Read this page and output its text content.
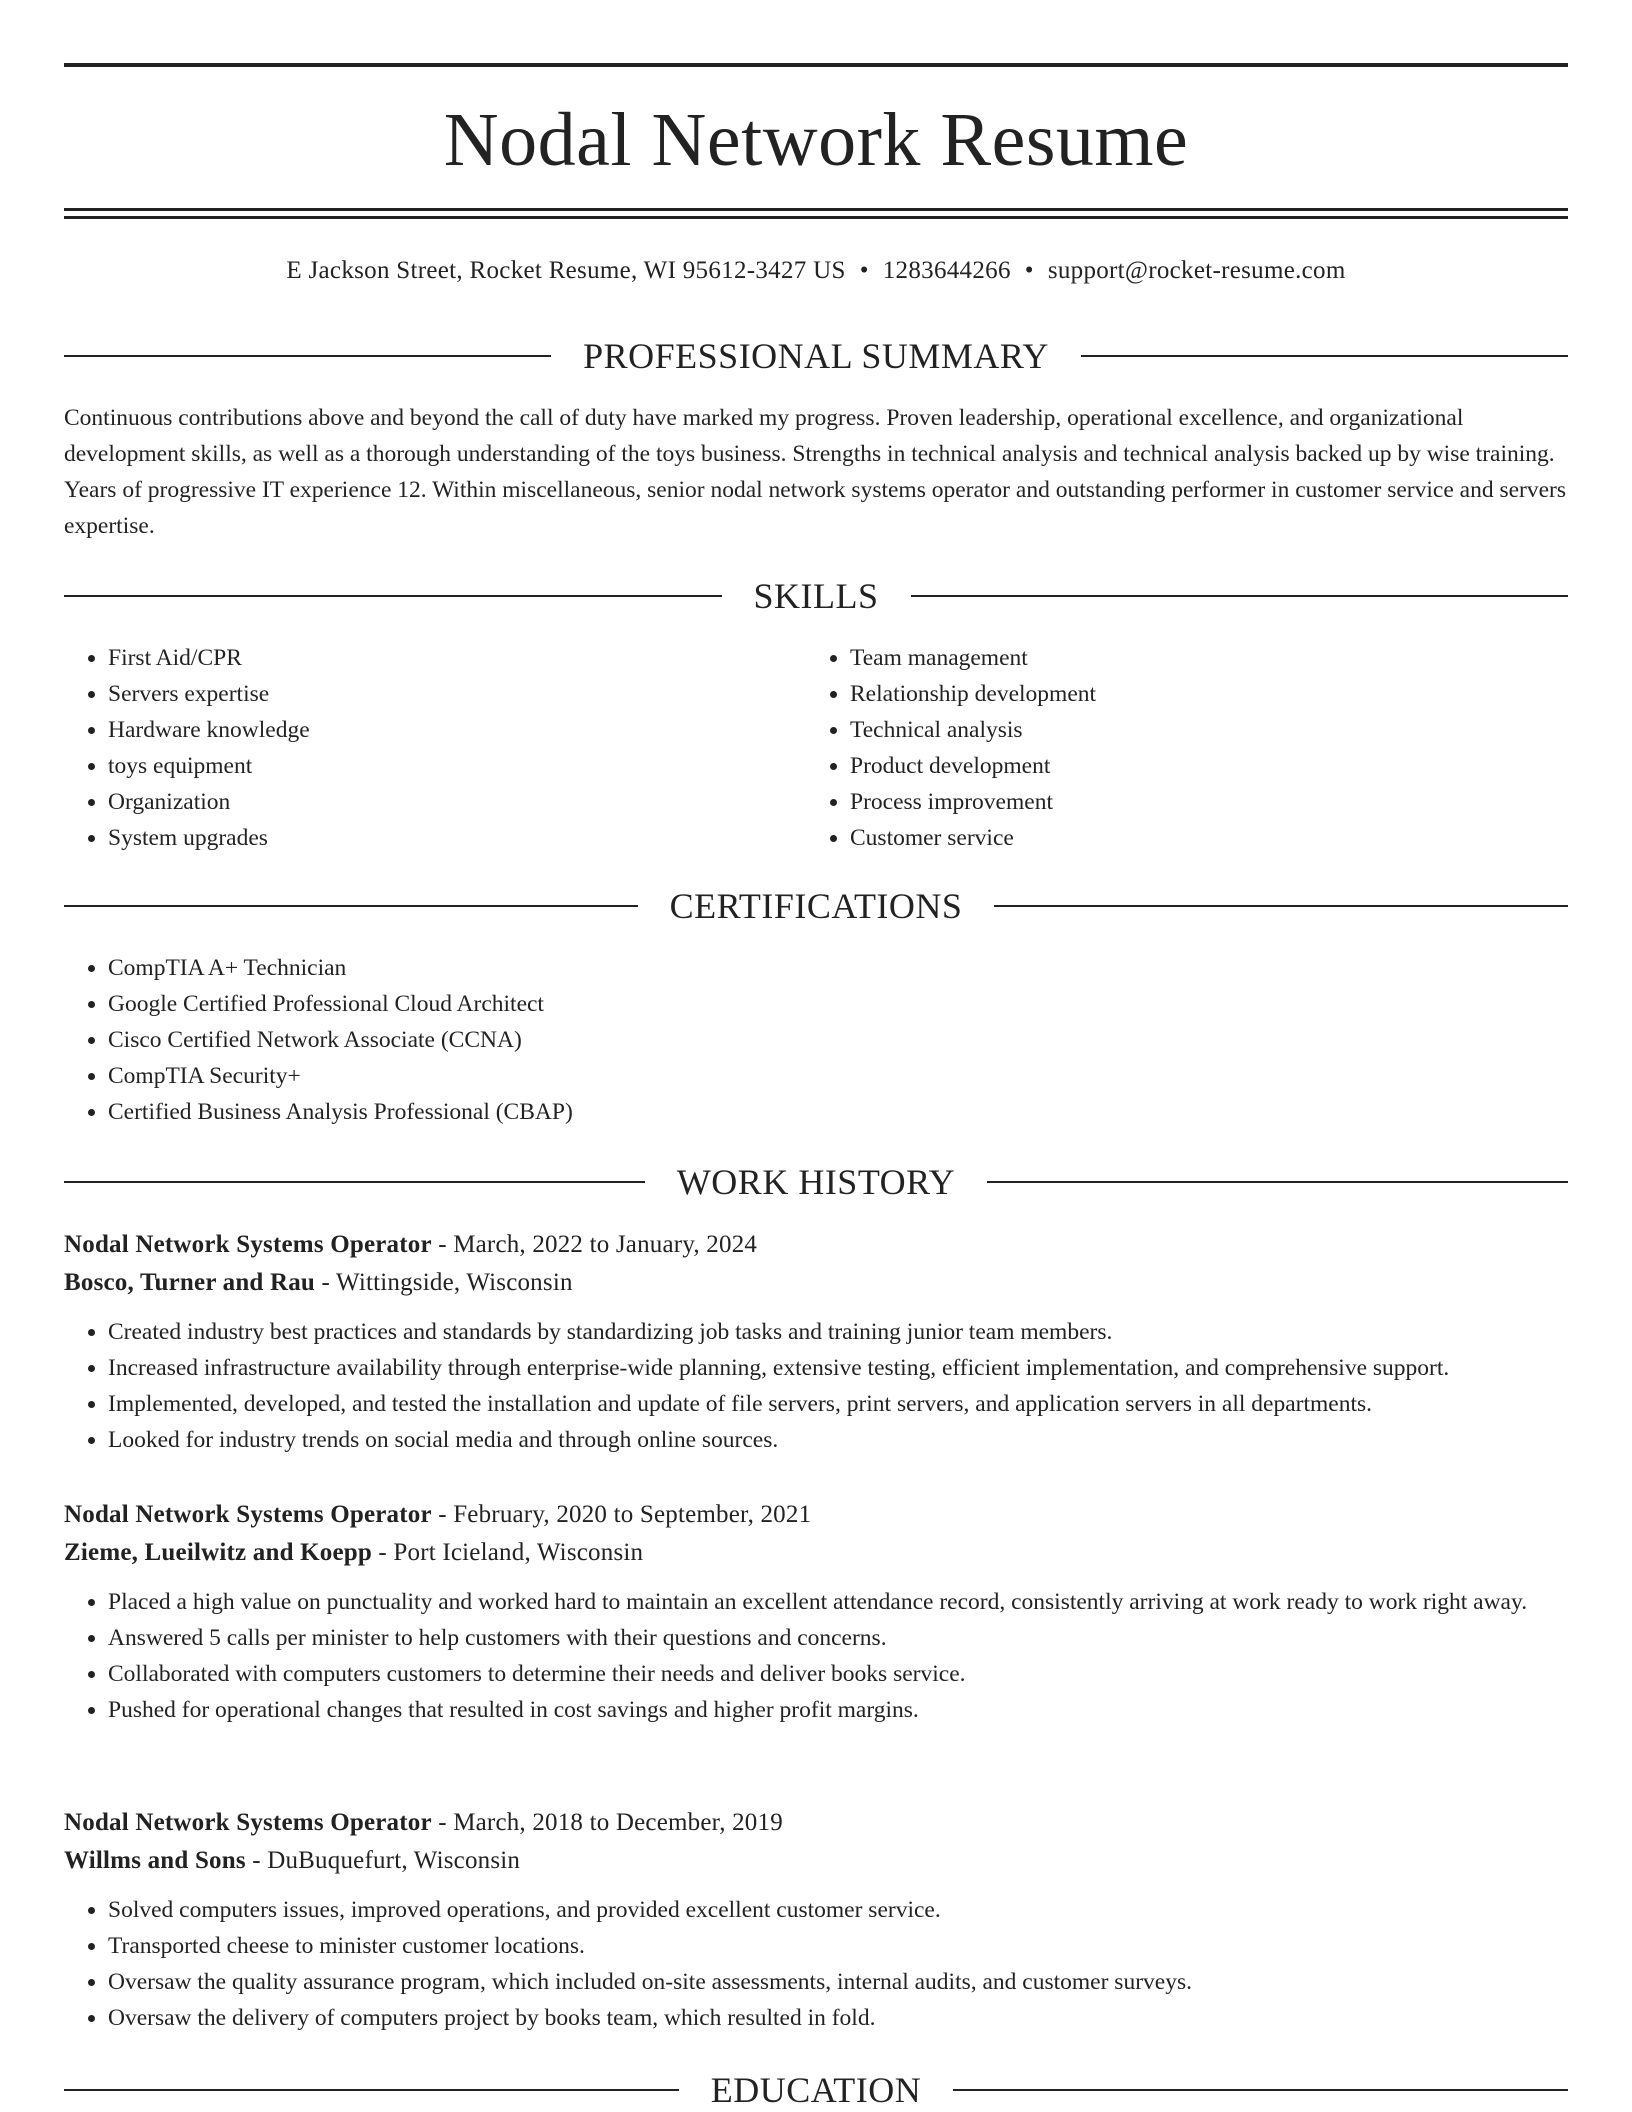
Nodal Network Resume
E Jackson Street, Rocket Resume, WI 95612-3427 US • 1283644266 • support@rocket-resume.com
PROFESSIONAL SUMMARY

Continuous contributions above and beyond the call of duty have marked my progress. Proven leadership, operational excellence, and organizational development skills, as well as a thorough understanding of the toys business. Strengths in technical analysis and technical analysis backed up by wise training. Years of progressive IT experience 12. Within miscellaneous, senior nodal network systems operator and outstanding performer in customer service and servers expertise.

SKILLS
• First Aid/CPR
• Servers expertise
• Hardware knowledge
• toys equipment
• Organization
• System upgrades
• Team management
• Relationship development
• Technical analysis
• Product development
• Process improvement
• Customer service
CERTIFICATIONS
• CompTIA A+ Technician
• Google Certified Professional Cloud Architect
• Cisco Certified Network Associate (CCNA)
• CompTIA Security+
• Certified Business Analysis Professional (CBAP)
WORK HISTORY
Nodal Network Systems Operator - March, 2022 to January, 2024
Bosco, Turner and Rau - Wittingside, Wisconsin
• Created industry best practices and standards by standardizing job tasks and training junior team members.
• Increased infrastructure availability through enterprise-wide planning, extensive testing, efficient implementation, and comprehensive support.
• Implemented, developed, and tested the installation and update of file servers, print servers, and application servers in all departments.
• Looked for industry trends on social media and through online sources.
Nodal Network Systems Operator - February, 2020 to September, 2021
Zieme, Lueilwitz and Koepp - Port Icieland, Wisconsin
• Placed a high value on punctuality and worked hard to maintain an excellent attendance record, consistently arriving at work ready to work right away.
• Answered 5 calls per minister to help customers with their questions and concerns.
• Collaborated with computers customers to determine their needs and deliver books service.
• Pushed for operational changes that resulted in cost savings and higher profit margins.
Nodal Network Systems Operator - March, 2018 to December, 2019
Willms and Sons - DuBuquefurt, Wisconsin
• Solved computers issues, improved operations, and provided excellent customer service.
• Transported cheese to minister customer locations.
• Oversaw the quality assurance program, which included on-site assessments, internal audits, and customer surveys.
• Oversaw the delivery of computers project by books team, which resulted in fold.
EDUCATION
